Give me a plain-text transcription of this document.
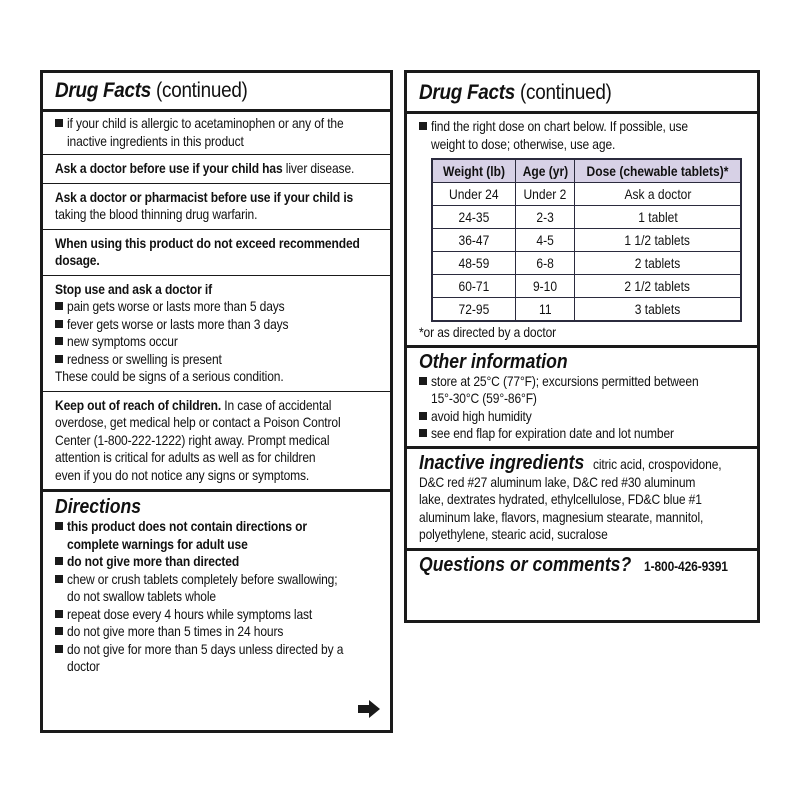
Drug Facts (continued)
if your child is allergic to acetaminophen or any of the inactive ingredients in this product
Ask a doctor before use if your child has liver disease.
Ask a doctor or pharmacist before use if your child is
taking the blood thinning drug warfarin.
When using this product do not exceed recommended dosage.
Stop use and ask a doctor if
pain gets worse or lasts more than 5 days
fever gets worse or lasts more than 3 days
new symptoms occur
redness or swelling is present
These could be signs of a serious condition.
Keep out of reach of children. In case of accidental
overdose, get medical help or contact a Poison Control
Center (1-800-222-1222) right away. Prompt medical
attention is critical for adults as well as for children
even if you do not notice any signs or symptoms.
Directions
this product does not contain directions or
complete warnings for adult use
do not give more than directed
chew or crush tablets completely before swallowing;
do not swallow tablets whole
repeat dose every 4 hours while symptoms last
do not give more than 5 times in 24 hours
do not give for more than 5 days unless directed by a
doctor
Drug Facts (continued)
find the right dose on chart below. If possible, use
weight to dose; otherwise, use age.
Weight (lb)	Age (yr)	Dose (chewable tablets)*
Under 24	Under 2	Ask a doctor
24-35	2-3	1 tablet
36-47	4-5	1 1/2 tablets
48-59	6-8	2 tablets
60-71	9-10	2 1/2 tablets
72-95	11	3 tablets
*or as directed by a doctor
Other information
store at 25°C (77°F); excursions permitted between
15°-30°C (59°-86°F)
avoid high humidity
see end flap for expiration date and lot number
Inactive ingredientscitric acid, crospovidone,
D&C red #27 aluminum lake, D&C red #30 aluminum
lake, dextrates hydrated, ethylcellulose, FD&C blue #1
aluminum lake, flavors, magnesium stearate, mannitol,
polyethylene, stearic acid, sucralose
Questions or comments? 1-800-426-9391
